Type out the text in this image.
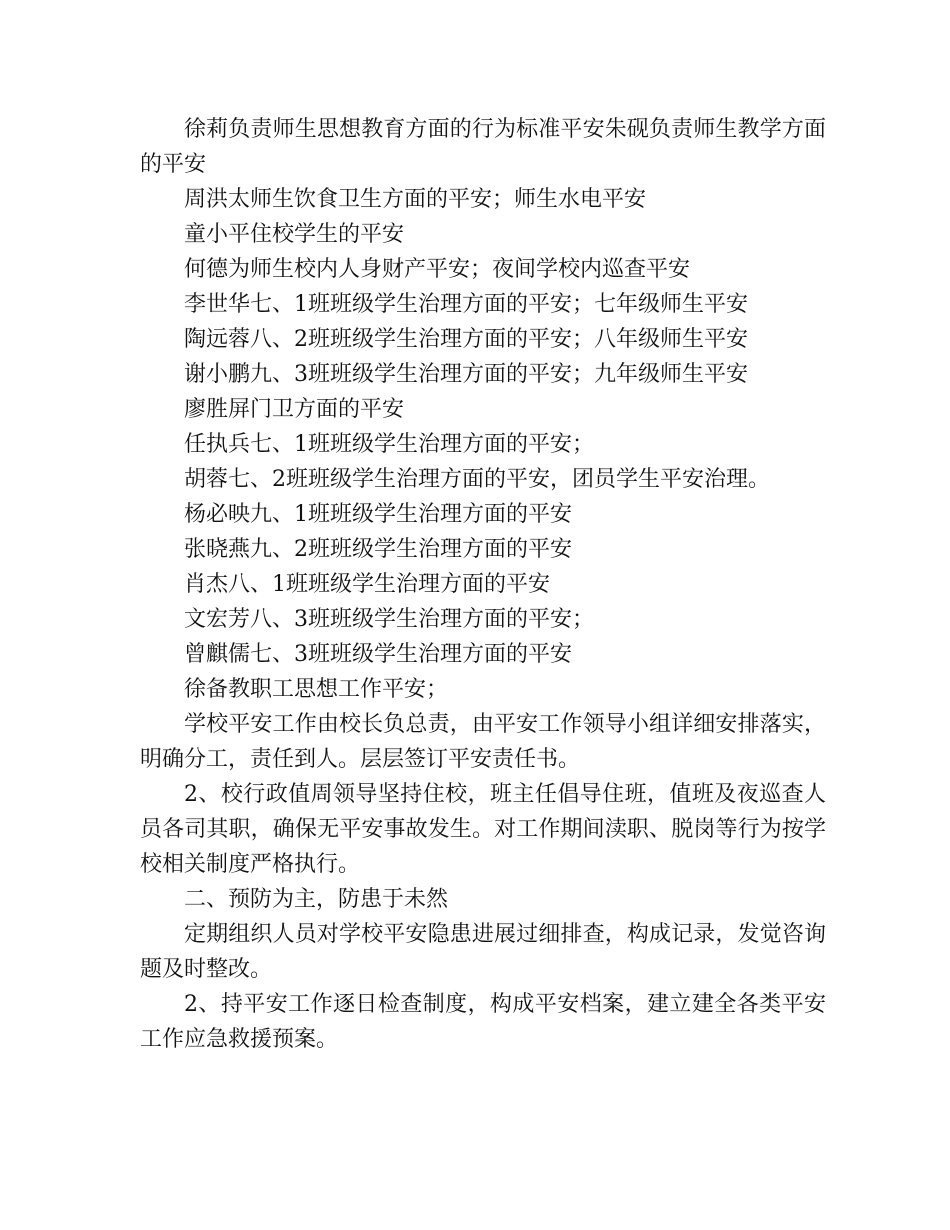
徐莉负责师生思想教育方面的行为标准平安朱砚负责师生教学方面的平安

周洪太师生饮食卫生方面的平安；师生水电平安

童小平住校学生的平安

何德为师生校内人身财产平安；夜间学校内巡查平安

李世华七、1班班级学生治理方面的平安；七年级师生平安

陶远蓉八、2班班级学生治理方面的平安；八年级师生平安

谢小鹏九、3班班级学生治理方面的平安；九年级师生平安

廖胜屏门卫方面的平安

任执兵七、1班班级学生治理方面的平安；

胡蓉七、2班班级学生治理方面的平安，团员学生平安治理。

杨必映九、1班班级学生治理方面的平安

张晓燕九、2班班级学生治理方面的平安

肖杰八、1班班级学生治理方面的平安

文宏芳八、3班班级学生治理方面的平安；

曾麒儒七、3班班级学生治理方面的平安

徐备教职工思想工作平安；

学校平安工作由校长负总责，由平安工作领导小组详细安排落实，明确分工，责任到人。层层签订平安责任书。

2、校行政值周领导坚持住校，班主任倡导住班，值班及夜巡查人员各司其职，确保无平安事故发生。对工作期间渎职、脱岗等行为按学校相关制度严格执行。

二、预防为主，防患于未然

定期组织人员对学校平安隐患进展过细排查，构成记录，发觉咨询题及时整改。

2、持平安工作逐日检查制度，构成平安档案，建立建全各类平安工作应急救援预案。
